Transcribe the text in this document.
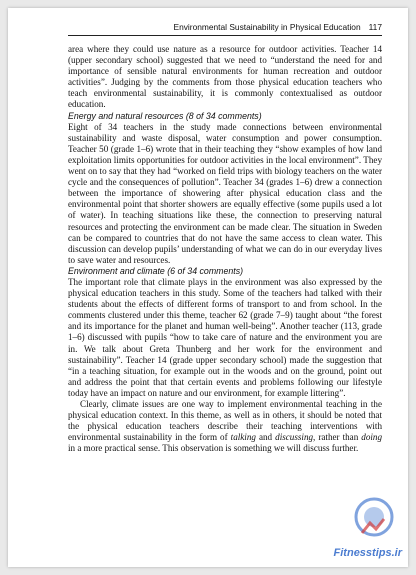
Environmental Sustainability in Physical Education 117

area where they could use nature as a resource for outdoor activities. Teacher 14 (upper secondary school) suggested that we need to “understand the need for and importance of sensible natural environments for human recreation and outdoor activities”. Judging by the comments from those physical education teachers who teach environmental sustainability, it is commonly contextualised as outdoor education.

Energy and natural resources (8 of 34 comments)

Eight of 34 teachers in the study made connections between environmental sustainability and waste disposal, water consumption and power consumption. Teacher 50 (grade 1–6) wrote that in their teaching they “show examples of how land exploitation limits opportunities for outdoor activities in the local environment”. They went on to say that they had “worked on field trips with biology teachers on the water cycle and the consequences of pollution”. Teacher 34 (grades 1–6) drew a connection between the importance of showering after physical education class and the environmental point that shorter showers are equally effective (some pupils used a lot of water). In teaching situations like these, the connection to preserving natural resources and protecting the environment can be made clear. The situation in Sweden can be compared to countries that do not have the same access to clean water. This discussion can develop pupils’ understanding of what we can do in our everyday lives to save water and resources.

Environment and climate (6 of 34 comments)

The important role that climate plays in the environment was also expressed by the physical education teachers in this study. Some of the teachers had talked with their students about the effects of different forms of transport to and from school. In the comments clustered under this theme, teacher 62 (grade 7–9) taught about “the forest and its importance for the planet and human well-being”. Another teacher (113, grade 1–6) discussed with pupils “how to take care of nature and the environment you are in. We talk about Greta Thunberg and her work for the environment and sustainability”. Teacher 14 (grade upper secondary school) made the suggestion that “in a teaching situation, for example out in the woods and on the ground, point out and address the point that that certain events and problems following our lifestyle today have an impact on nature and our environment, for example littering”.

Clearly, climate issues are one way to implement environmental teaching in the physical education context. In this theme, as well as in others, it should be noted that the physical education teachers describe their teaching interventions with environmental sustainability in the form of talking and discussing, rather than doing in a more practical sense. This observation is something we will discuss further.

Fitnesstips.ir
